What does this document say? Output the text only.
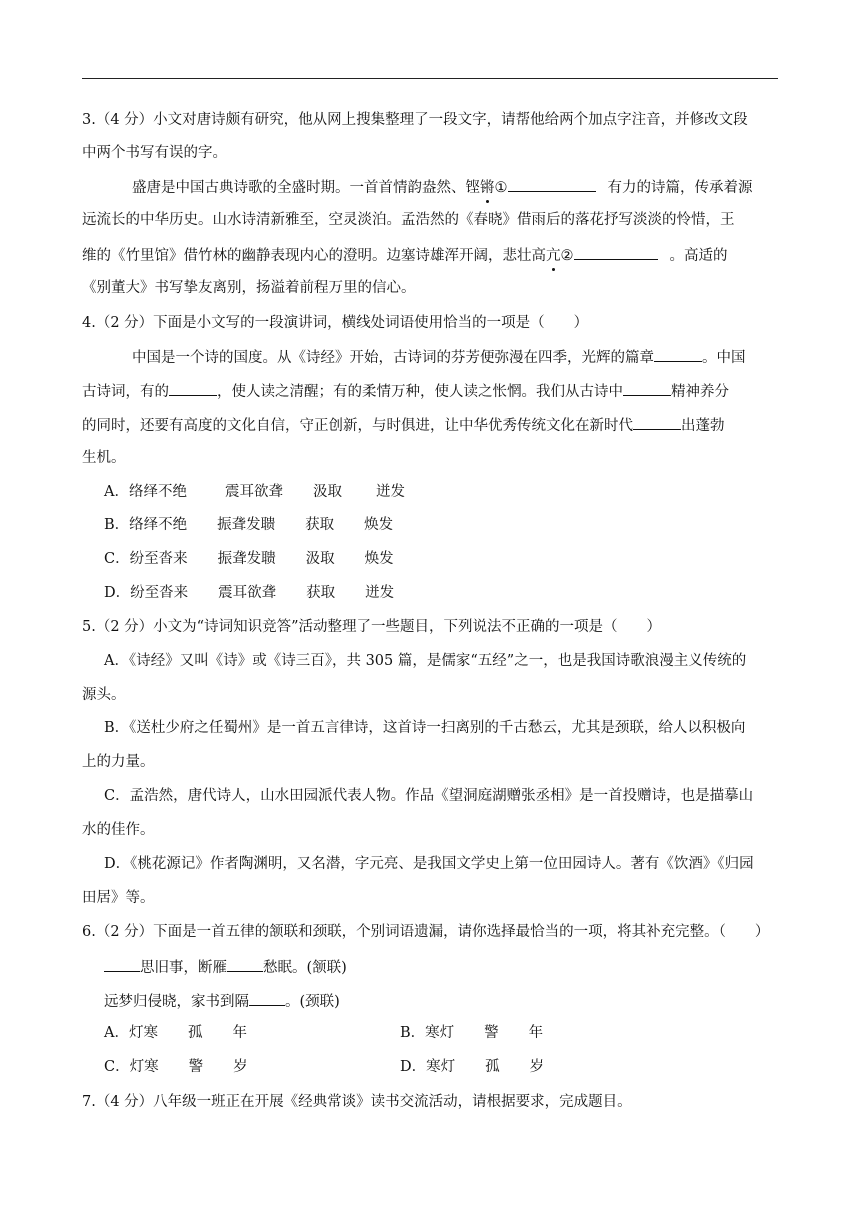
3.（4 分）小文对唐诗颇有研究，他从网上搜集整理了一段文字，请帮他给两个加点字注音，并修改文段
中两个书写有误的字。
盛唐是中国古典诗歌的全盛时期。一首首情韵盎然、铿锵①	有力的诗篇，传承着源
远流长的中华历史。山水诗清新雅至，空灵淡泊。孟浩然的《春晓》借雨后的落花抒写淡淡的怜惜，王
维的《竹里馆》借竹林的幽静表现内心的澄明。边塞诗雄浑开阔，悲壮高亢②	。高适的
《别董大》书写挚友离别，扬溢着前程万里的信心。
4.（2 分）下面是小文写的一段演讲词，横线处词语使用恰当的一项是（　　）
中国是一个诗的国度。从《诗经》开始，古诗词的芬芳便弥漫在四季，光辉的篇章	。中国
古诗词，有的	，使人读之清醒；有的柔情万种，使人读之怅惘。我们从古诗中	精神养分
的同时，还要有高度的文化自信，守正创新，与时俱进，让中华优秀传统文化在新时代	出蓬勃
生机。
A．络绎不绝	震耳欲聋 汲取 迸发
B．络绎不绝 振聋发聩 获取 焕发
C．纷至沓来 振聋发聩 汲取 焕发
D．纷至沓来 震耳欲聋 获取 迸发
5.（2 分）小文为“诗词知识竞答”活动整理了一些题目，下列说法不正确的一项是（　　）
A．《诗经》又叫《诗》或《诗三百》，共 305 篇，是儒家“五经”之一，也是我国诗歌浪漫主义传统的
源头。
B．《送杜少府之任蜀州》是一首五言律诗，这首诗一扫离别的千古愁云，尤其是颈联，给人以积极向
上的力量。
C．孟浩然，唐代诗人，山水田园派代表人物。作品《望洞庭湖赠张丞相》是一首投赠诗，也是描摹山
水的佳作。
D．《桃花源记》作者陶渊明，又名潜，字元亮、是我国文学史上第一位田园诗人。著有《饮酒》《归园
田居》等。
6.（2 分）下面是一首五律的颔联和颈联，个别词语遗漏，请你选择最恰当的一项，将其补充完整。（　　）
思旧事，断雁 愁眠。(颔联)
远梦归侵晓，家书到隔 。(颈联)
A．灯寒 孤 年	B．寒灯 警 年
C．灯寒 警 岁	D．寒灯 孤 岁
7.（4 分）八年级一班正在开展《经典常谈》读书交流活动，请根据要求，完成题目。
